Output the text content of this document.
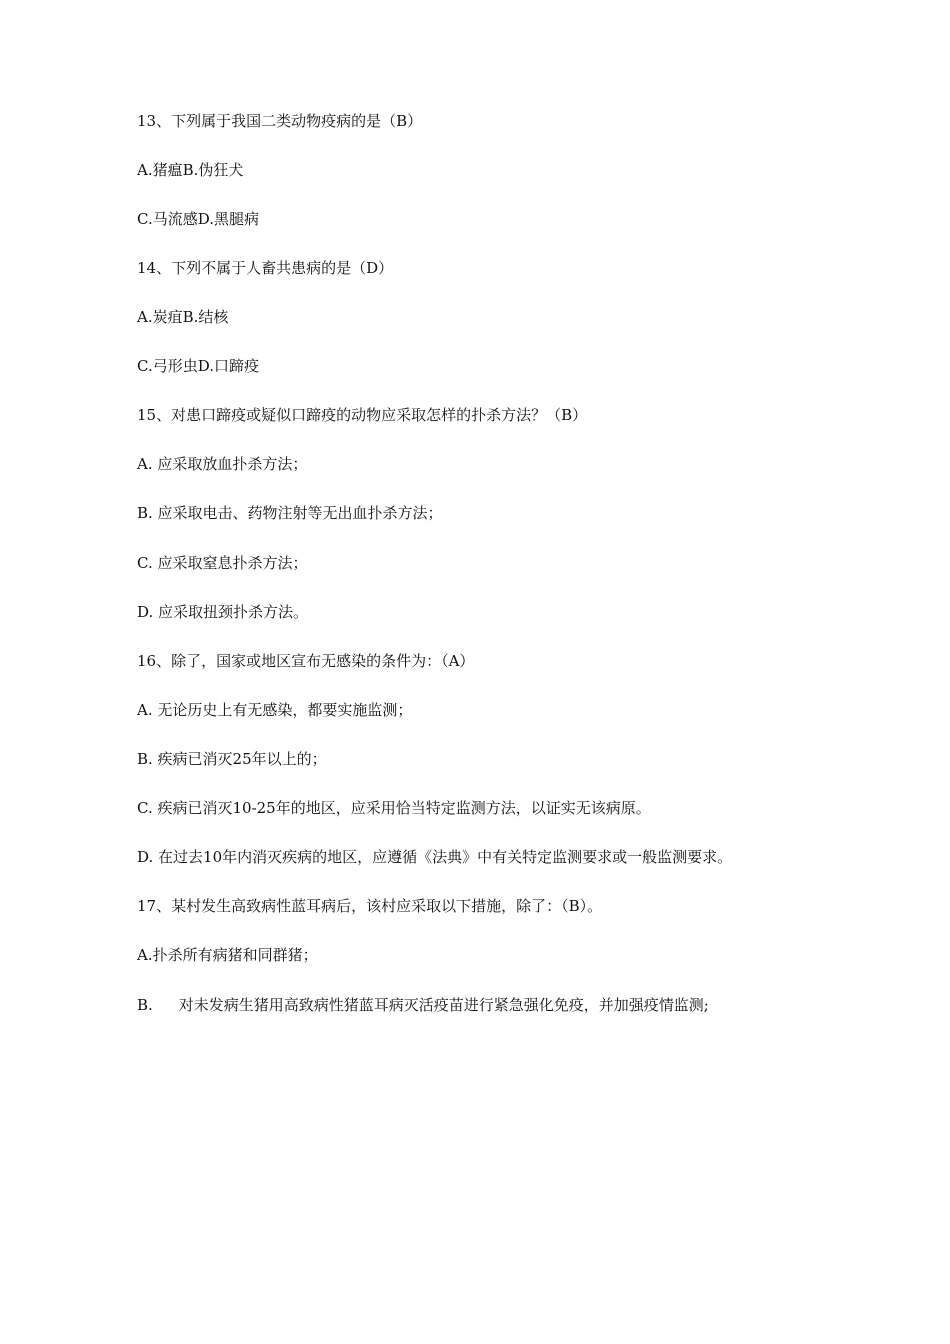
13、下列属于我国二类动物疫病的是（B）
A.猪瘟B.伪狂犬
C.马流感D.黑腿病
14、下列不属于人畜共患病的是（D）
A.炭疽B.结核
C.弓形虫D.口蹄疫
15、对患口蹄疫或疑似口蹄疫的动物应采取怎样的扑杀方法？（B）
A. 应采取放血扑杀方法；
B. 应采取电击、药物注射等无出血扑杀方法；
C. 应采取窒息扑杀方法；
D. 应采取扭颈扑杀方法。
16、除了，国家或地区宣布无感染的条件为：（A）
A. 无论历史上有无感染，都要实施监测；
B. 疾病已消灭25年以上的；
C. 疾病已消灭10-25年的地区，应采用恰当特定监测方法，以证实无该病原。
D. 在过去10年内消灭疾病的地区，应遵循《法典》中有关特定监测要求或一般监测要求。
17、某村发生高致病性蓝耳病后，该村应采取以下措施，除了：（B）。
A.扑杀所有病猪和同群猪；
B. 对未发病生猪用高致病性猪蓝耳病灭活疫苗进行紧急强化免疫，并加强疫情监测;
